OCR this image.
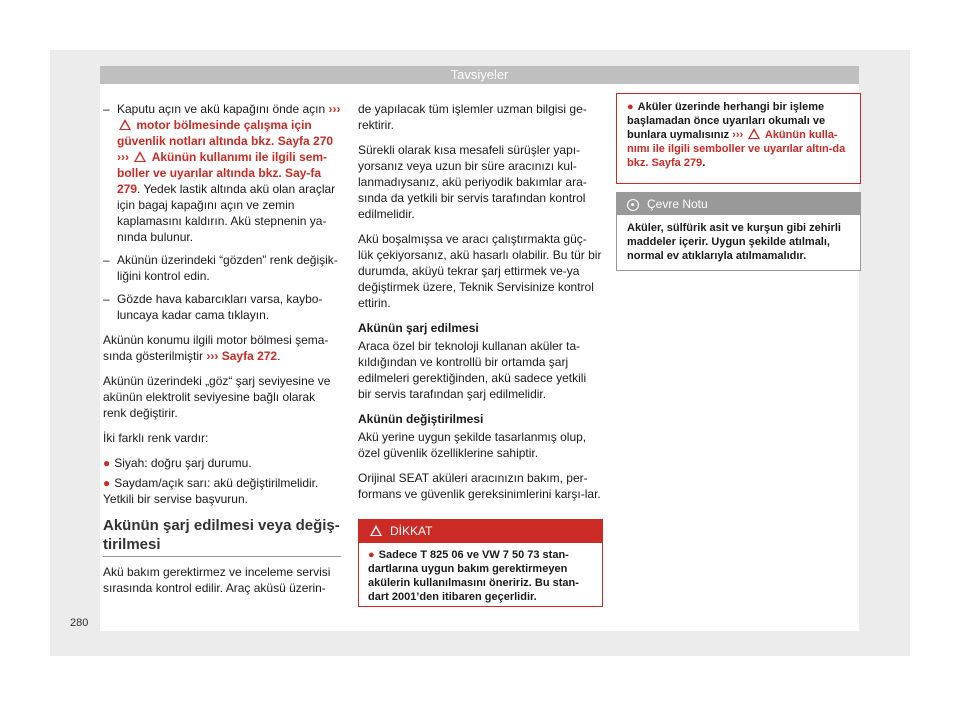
Tavsiyeler
– Kaputu açın ve akü kapağını önde açın ›››  motor bölmesinde çalışma için güvenlik notları altında bkz. Sayfa 270 ››› Akünün kullanımı ile ilgili sem-boller ve uyarılar altında bkz. Say-fa 279. Yedek lastik altında akü olan araçlar için bagaj kapağını açın ve zemin kaplamasını kaldırın. Akü stepnenin ya-nında bulunur.
– Akünün üzerindeki “gözden” renk değişik-liğini kontrol edin.
– Gözde hava kabarcıkları varsa, kaybo-luncaya kadar cama tıklayın.

Akünün konumu ilgili motor bölmesi şema-sında gösterilmiştir ››› Sayfa 272.

Akünün üzerindeki „göz“ şarj seviyesine ve akünün elektrolit seviyesine bağlı olarak renk değiştirir.

İki farklı renk vardır:

● Siyah: doğru şarj durumu.

● Saydam/açık sarı: akü değiştirilmelidir.
Yetkili bir servise başvurun.

Akünün şarj edilmesi veya değiş-tirilmesi

Akü bakım gerektirmez ve inceleme servisi sırasında kontrol edilir. Araç aküsü üzerin-

de yapılacak tüm işlemler uzman bilgisi ge-rektirir.

Sürekli olarak kısa mesafeli sürüşler yapı-yorsanız veya uzun bir süre aracınızı kul-lanmadıysanız, akü periyodik bakımlar ara-sında da yetkili bir servis tarafından kontrol edilmelidir.

Akü boşalmışsa ve aracı çalıştırmakta güç-lük çekiyorsanız, akü hasarlı olabilir. Bu tür bir durumda, aküyü tekrar şarj ettirmek ve-ya değiştirmek üzere, Teknik Servisinize kontrol ettirin.

Akünün şarj edilmesi

Araca özel bir teknoloji kullanan aküler ta-kıldığından ve kontrollü bir ortamda şarj edilmeleri gerektiğinden, akü sadece yetkili bir servis tarafından şarj edilmelidir.

Akünün değiştirilmesi

Akü yerine uygun şekilde tasarlanmış olup, özel güvenlik özelliklerine sahiptir.

Orijinal SEAT aküleri aracınızın bakım, per-formans ve güvenlik gereksinimlerini karşı-lar.

DİKKAT
● Sadece T 825 06 ve VW 7 50 73 stan-dartlarına uygun bakım gerektirmeyen akülerin kullanılmasını öneririz. Bu stan-dart 2001’den itibaren geçerlidir.
● Aküler üzerinde herhangi bir işleme başlamadan önce uyarıları okumalı ve bunlara uymalısınız ››› Akünün kulla-nımı ile ilgili semboller ve uyarılar altın-da bkz. Sayfa 279.
Çevre Notu
Aküler, sülfürik asit ve kurşun gibi zehirli maddeler içerir. Uygun şekilde atılmalı, normal ev atıklarıyla atılmamalıdır.
280
